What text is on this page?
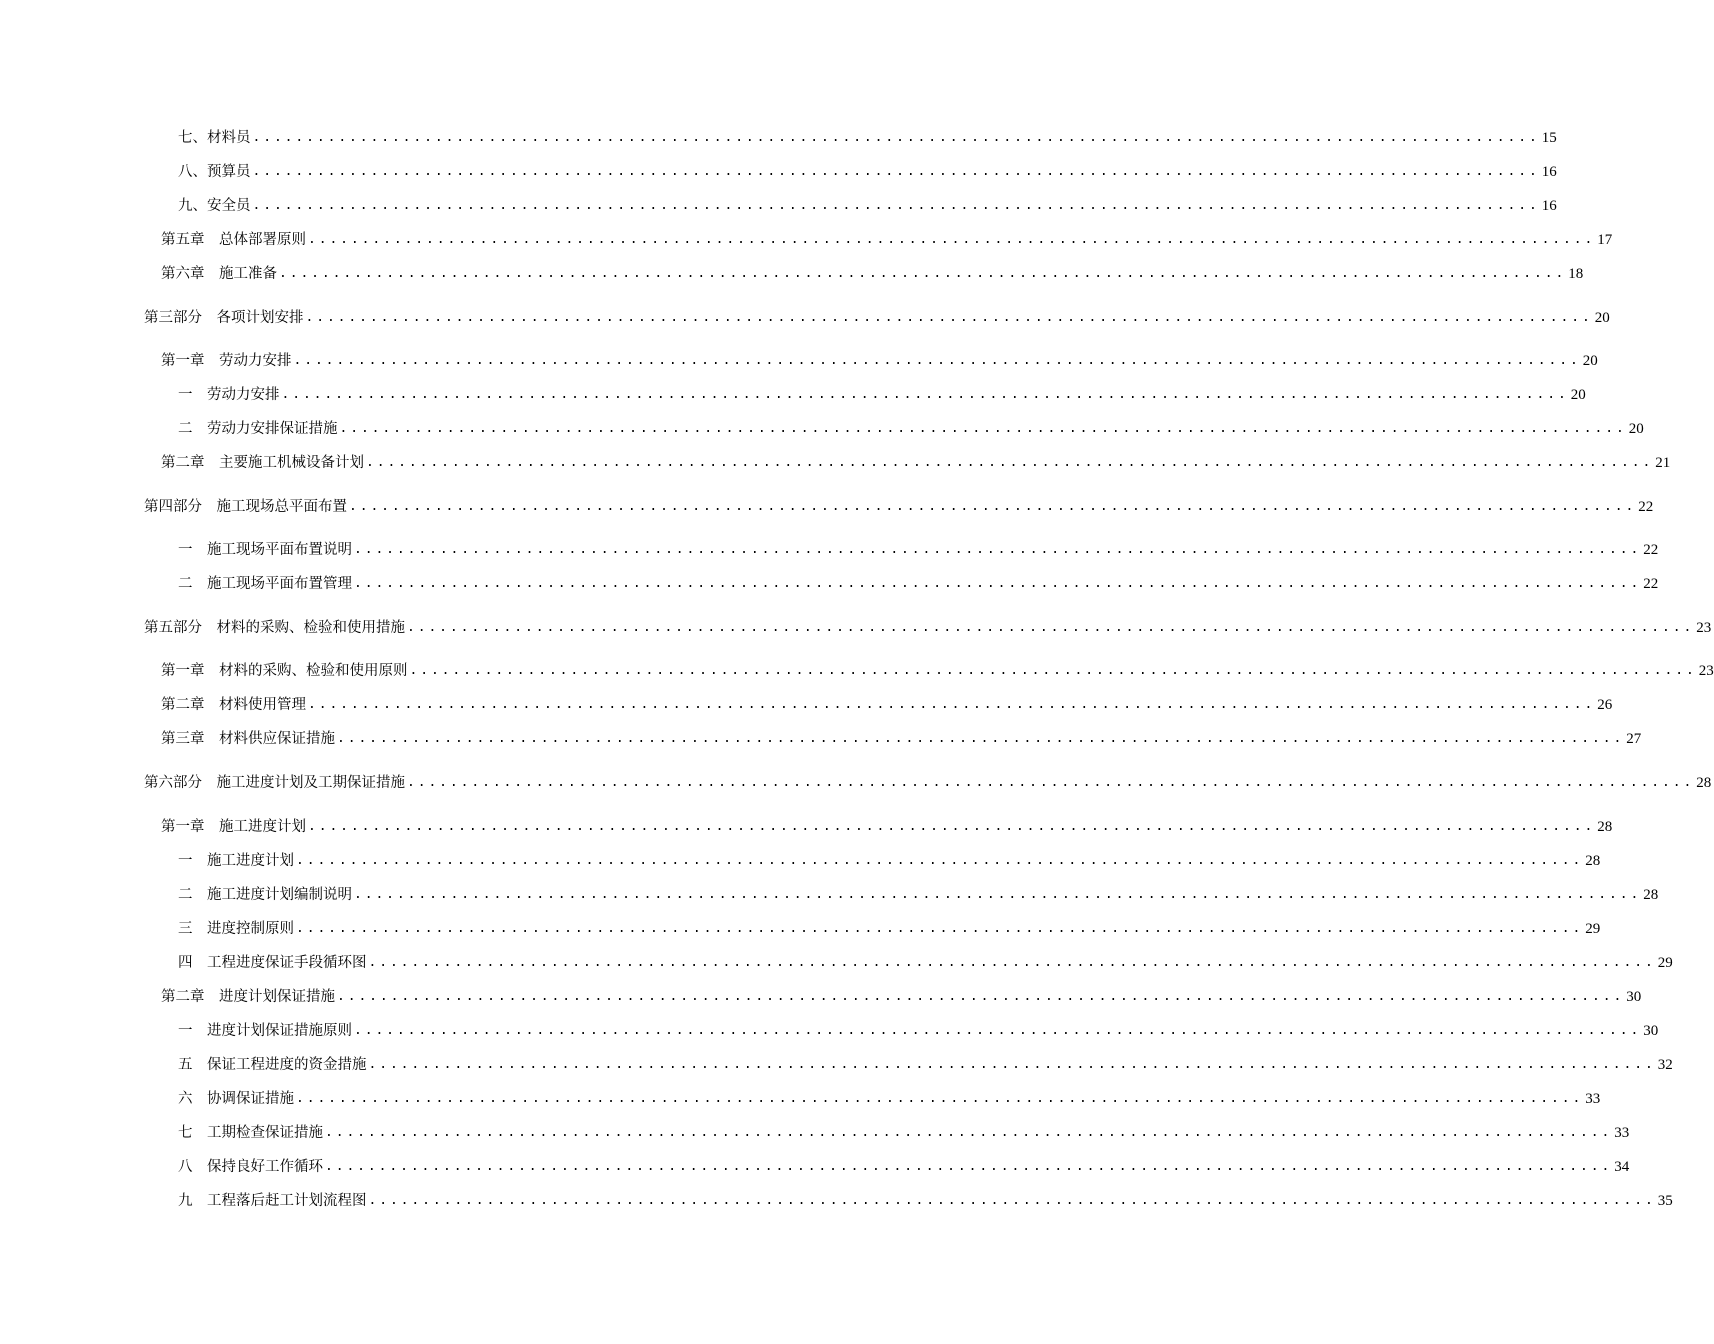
七、材料员 ........................................................................................................................ 15
八、预算员 ........................................................................................................................ 16
九、安全员 ........................................................................................................................ 16
第五章　总体部署原则 ........................................................................................................................ 17
第六章　施工准备 ........................................................................................................................ 18
第三部分　各项计划安排 ........................................................................................................................ 20
第一章　劳动力安排 ........................................................................................................................ 20
一　劳动力安排 ........................................................................................................................ 20
二　劳动力安排保证措施 ........................................................................................................................ 20
第二章　主要施工机械设备计划 ........................................................................................................................ 21
第四部分　施工现场总平面布置 ........................................................................................................................ 22
一　施工现场平面布置说明 ........................................................................................................................ 22
二　施工现场平面布置管理 ........................................................................................................................ 22
第五部分　材料的采购、检验和使用措施 ........................................................................................................................ 23
第一章　材料的采购、检验和使用原则 ........................................................................................................................ 23
第二章　材料使用管理 ........................................................................................................................ 26
第三章　材料供应保证措施 ........................................................................................................................ 27
第六部分　施工进度计划及工期保证措施 ........................................................................................................................ 28
第一章　施工进度计划 ........................................................................................................................ 28
一　施工进度计划 ........................................................................................................................ 28
二　施工进度计划编制说明 ........................................................................................................................ 28
三　进度控制原则 ........................................................................................................................ 29
四　工程进度保证手段循环图 ........................................................................................................................ 29
第二章　进度计划保证措施 ........................................................................................................................ 30
一　进度计划保证措施原则 ........................................................................................................................ 30
五　保证工程进度的资金措施 ........................................................................................................................ 32
六　协调保证措施 ........................................................................................................................ 33
七　工期检查保证措施 ........................................................................................................................ 33
八　保持良好工作循环 ........................................................................................................................ 34
九　工程落后赶工计划流程图 ........................................................................................................................ 35
